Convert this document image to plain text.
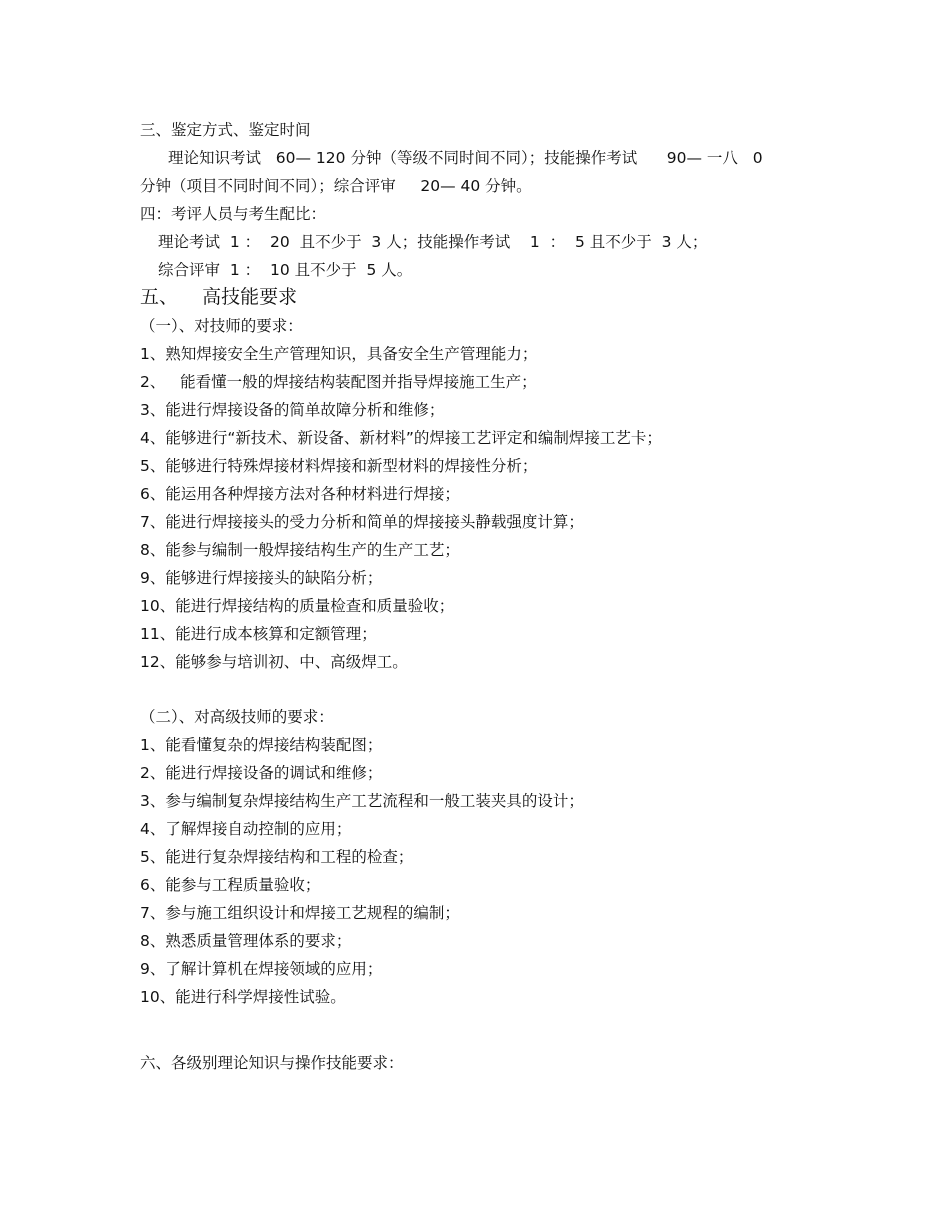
三、鉴定方式、鉴定时间
理论知识考试   60— 120 分钟（等级不同时间不同）；技能操作考试      90— 一八   0
分钟（项目不同时间不同）；综合评审     20— 40 分钟。
四：考评人员与考生配比：
理论考试  1 ：  20  且不少于  3 人；技能操作考试    1  ：  5 且不少于  3 人；
综合评审  1 ：  10 且不少于  5 人。
五、    高技能要求
（一）、对技师的要求：
1、熟知焊接安全生产管理知识，具备安全生产管理能力；
2、   能看懂一般的焊接结构装配图并指导焊接施工生产；
3、能进行焊接设备的简单故障分析和维修；
4、能够进行“新技术、新设备、新材料”的焊接工艺评定和编制焊接工艺卡；
5、能够进行特殊焊接材料焊接和新型材料的焊接性分析；
6、能运用各种焊接方法对各种材料进行焊接；
7、能进行焊接接头的受力分析和简单的焊接接头静载强度计算；
8、能参与编制一般焊接结构生产的生产工艺；
9、能够进行焊接接头的缺陷分析；
10、能进行焊接结构的质量检查和质量验收；
11、能进行成本核算和定额管理；
12、能够参与培训初、中、高级焊工。
（二）、对高级技师的要求：
1、能看懂复杂的焊接结构装配图；
2、能进行焊接设备的调试和维修；
3、参与编制复杂焊接结构生产工艺流程和一般工装夹具的设计；
4、了解焊接自动控制的应用；
5、能进行复杂焊接结构和工程的检查；
6、能参与工程质量验收；
7、参与施工组织设计和焊接工艺规程的编制；
8、熟悉质量管理体系的要求；
9、了解计算机在焊接领域的应用；
10、能进行科学焊接性试验。
六、各级别理论知识与操作技能要求：
